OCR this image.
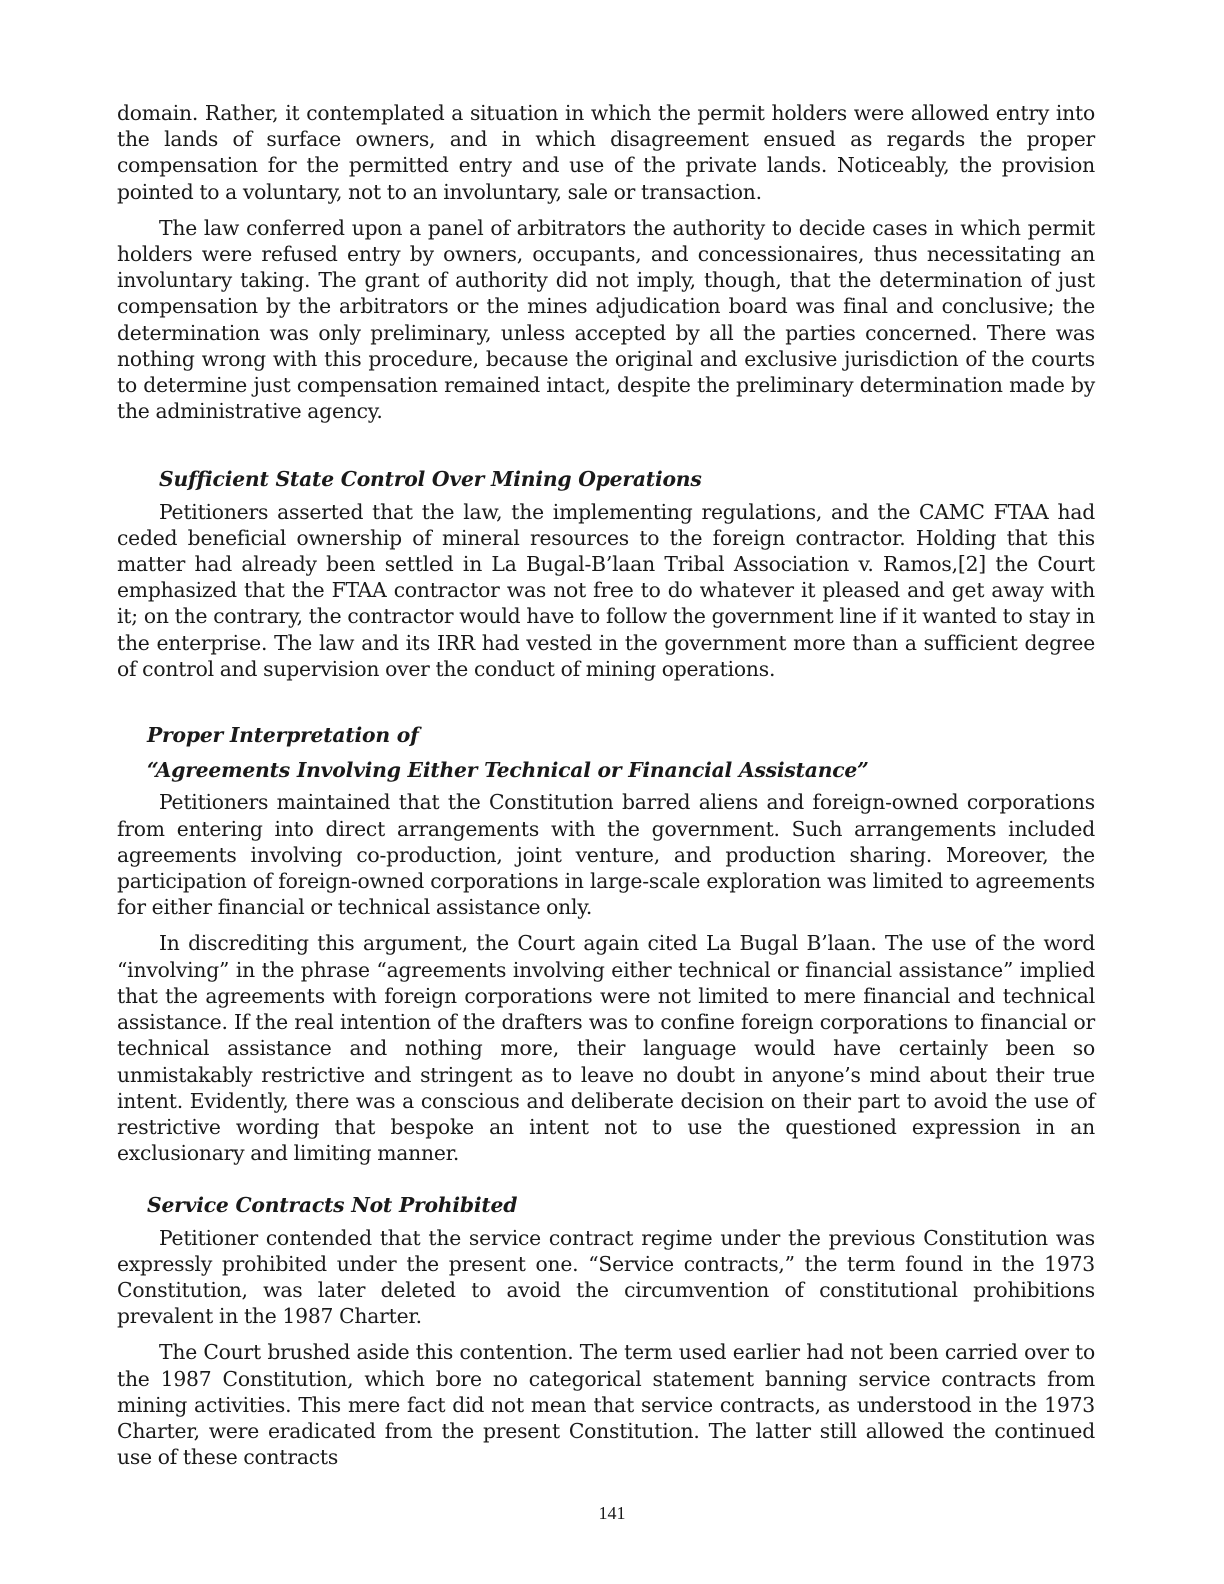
domain. Rather, it contemplated a situation in which the permit holders were allowed entry into the lands of surface owners, and in which disagreement ensued as regards the proper compensation for the permitted entry and use of the private lands. Noticeably, the provision pointed to a voluntary, not to an involuntary, sale or transaction.

The law conferred upon a panel of arbitrators the authority to decide cases in which permit holders were refused entry by owners, occupants, and concessionaires, thus necessitating an involuntary taking. The grant of authority did not imply, though, that the determination of just compensation by the arbitrators or the mines adjudication board was final and conclusive; the determination was only preliminary, unless accepted by all the parties concerned. There was nothing wrong with this procedure, because the original and exclusive jurisdiction of the courts to determine just compensation remained intact, despite the preliminary determination made by the administrative agency.

Sufficient State Control Over Mining Operations

Petitioners asserted that the law, the implementing regulations, and the CAMC FTAA had ceded beneficial ownership of mineral resources to the foreign contractor. Holding that this matter had already been settled in La Bugal-B’laan Tribal Association v. Ramos,[2] the Court emphasized that the FTAA contractor was not free to do whatever it pleased and get away with it; on the contrary, the contractor would have to follow the government line if it wanted to stay in the enterprise. The law and its IRR had vested in the government more than a sufficient degree of control and supervision over the conduct of mining operations.

Proper Interpretation of
“Agreements Involving Either Technical or Financial Assistance”

Petitioners maintained that the Constitution barred aliens and foreign-owned corporations from entering into direct arrangements with the government. Such arrangements included agreements involving co-production, joint venture, and production sharing. Moreover, the participation of foreign-owned corporations in large-scale exploration was limited to agreements for either financial or technical assistance only.

In discrediting this argument, the Court again cited La Bugal B’laan. The use of the word “involving” in the phrase “agreements involving either technical or financial assistance” implied that the agreements with foreign corporations were not limited to mere financial and technical assistance. If the real intention of the drafters was to confine foreign corporations to financial or technical assistance and nothing more, their language would have certainly been so unmistakably restrictive and stringent as to leave no doubt in anyone’s mind about their true intent. Evidently, there was a conscious and deliberate decision on their part to avoid the use of restrictive wording that bespoke an intent not to use the questioned expression in an exclusionary and limiting manner.

Service Contracts Not Prohibited

Petitioner contended that the service contract regime under the previous Constitution was expressly prohibited under the present one. “Service contracts,” the term found in the 1973 Constitution, was later deleted to avoid the circumvention of constitutional prohibitions prevalent in the 1987 Charter.

The Court brushed aside this contention. The term used earlier had not been carried over to the 1987 Constitution, which bore no categorical statement banning service contracts from mining activities. This mere fact did not mean that service contracts, as understood in the 1973 Charter, were eradicated from the present Constitution. The latter still allowed the continued use of these contracts

141
